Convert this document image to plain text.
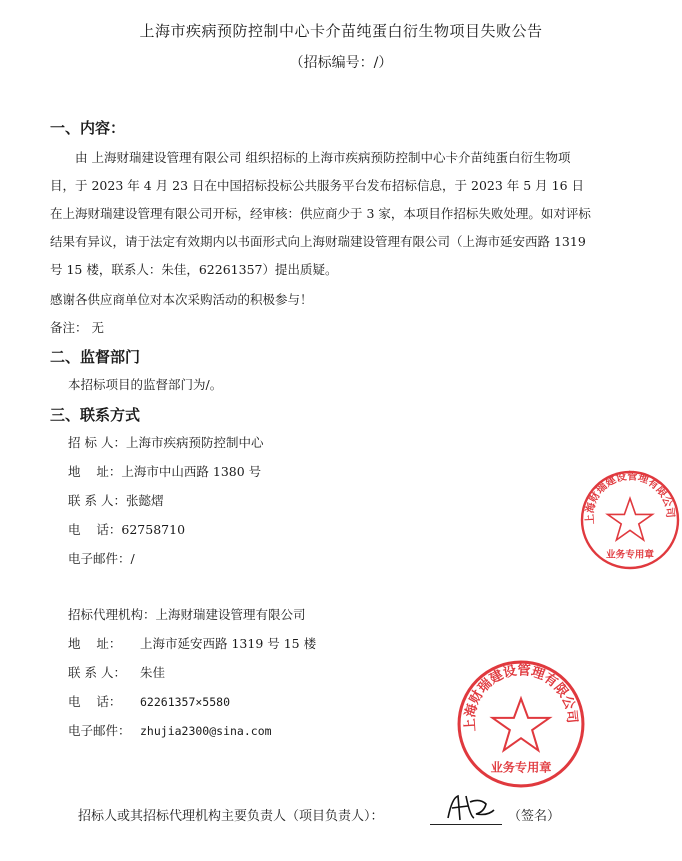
上海市疾病预防控制中心卡介苗纯蛋白衍生物项目失败公告
（招标编号：/）
一、内容：
由 上海财瑞建设管理有限公司 组织招标的上海市疾病预防控制中心卡介苗纯蛋白衍生物项目，于 2023 年 4 月 23 日在中国招标投标公共服务平台发布招标信息，于 2023 年 5 月 16 日在上海财瑞建设管理有限公司开标，经审核：供应商少于 3 家，本项目作招标失败处理。如对评标结果有异议，请于法定有效期内以书面形式向上海财瑞建设管理有限公司（上海市延安西路 1319 号 15 楼，联系人：朱佳，62261357）提出质疑。
感谢各供应商单位对本次采购活动的积极参与！
备注： 无
二、监督部门
本招标项目的监督部门为/。
三、联系方式
招 标 人：上海市疾病预防控制中心
地    址：上海市中山西路 1380 号
联 系 人：张懿熠
电    话：62758710
电子邮件：/
招标代理机构：上海财瑞建设管理有限公司
地    址： 上海市延安西路 1319 号 15 楼
联 系 人： 朱佳
电    话： 62261357×5580
电子邮件： zhujia2300@sina.com
招标人或其招标代理机构主要负责人（项目负责人）：	（签名）
上海财瑞建设管理有限公司
业务专用章
上海财瑞建设管理有限公司
业务专用章
